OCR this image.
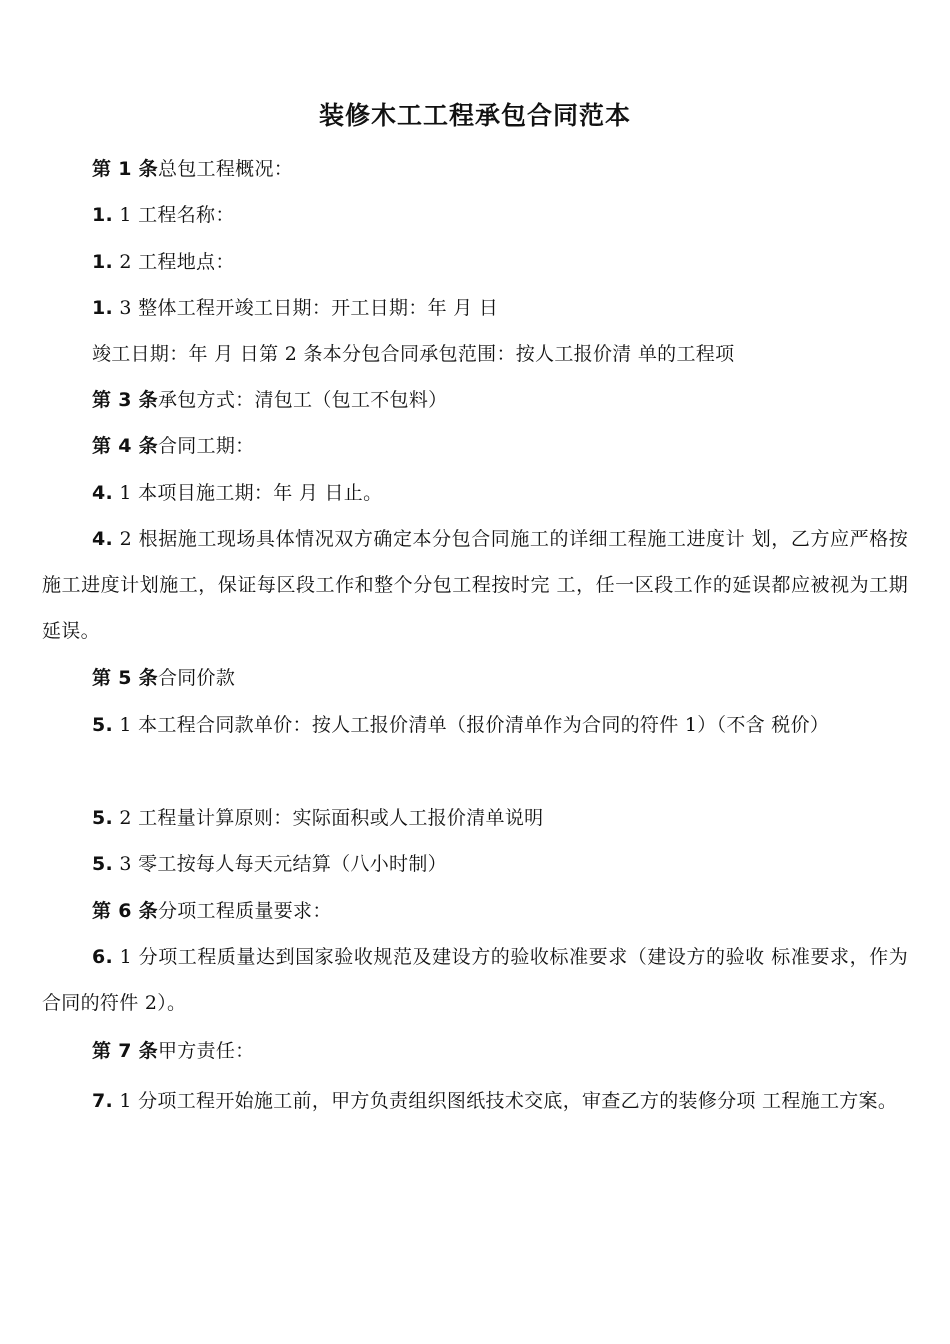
装修木工工程承包合同范本
第 1 条总包工程概况：
1. 1 工程名称：
1. 2 工程地点：
1. 3 整体工程开竣工日期：开工日期：年 月 日
竣工日期：年 月 日第 2 条本分包合同承包范围：按人工报价清 单的工程项
第 3 条承包方式：清包工（包工不包料）
第 4 条合同工期：
4. 1 本项目施工期：年 月 日止。
4. 2 根据施工现场具体情况双方确定本分包合同施工的详细工程施工进度计 划，乙方应严格按施工进度计划施工，保证每区段工作和整个分包工程按时完 工，任一区段工作的延误都应被视为工期延误。
第 5 条合同价款
5. 1 本工程合同款单价：按人工报价清单（报价清单作为合同的符件 1）（不含 税价）
5. 2 工程量计算原则：实际面积或人工报价清单说明
5. 3 零工按每人每天元结算（八小时制）
第 6 条分项工程质量要求：
6. 1 分项工程质量达到国家验收规范及建设方的验收标准要求（建设方的验收 标准要求，作为合同的符件 2）。
第 7 条甲方责任：
7. 1 分项工程开始施工前，甲方负责组织图纸技术交底，审查乙方的装修分项 工程施工方案。
